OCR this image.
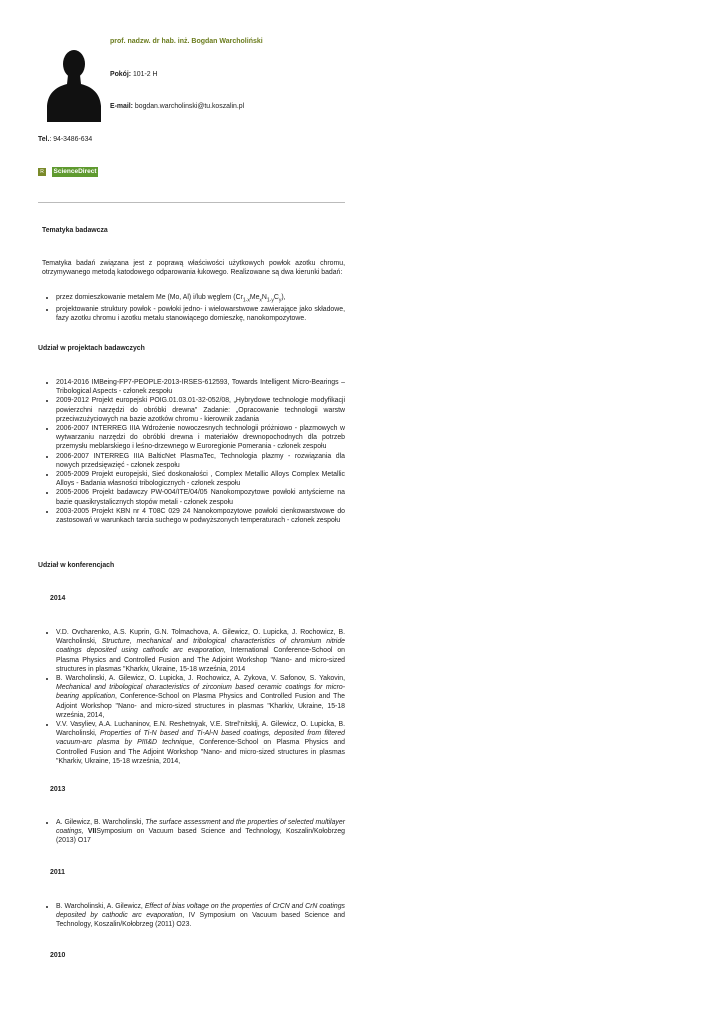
prof. nadzw. dr hab. inż. Bogdan Warcholiński
Pokój: 101-2 H
E-mail: bogdan.warcholinski@tu.koszalin.pl
Tel.: 94-3486-634
R	ScienceDirect
Tematyka badawcza
Tematyka badań związana jest z poprawą właściwości użytkowych powłok azotku chromu, otrzymywanego metodą katodowego odparowania łukowego. Realizowane są dwa kierunki badań:
• przez domieszkowanie metalem Me (Mo, Al) i/lub węglem $(Cr_{1-x}Me_xN_{1-y}C_y)$,
• projektowanie struktury powłok - powłoki jedno- i wielowarstwowe zawierające jako składowe, fazy azotku chromu i azotku metalu stanowiącego domieszkę, nanokompozytowe.
Udział w projektach badawczych
• 2014-2016 IMBeing-FP7-PEOPLE-2013-IRSES-612593, Towards Intelligent Micro-Bearings – Tribological Aspects - członek zespołu
• 2009-2012 Projekt europejski POIG.01.03.01-32-052/08, „Hybrydowe technologie modyfikacji powierzchni narzędzi do obróbki drewna" Zadanie: „Opracowanie technologii warstw przeciwzużyciowych na bazie azotków chromu - kierownik zadania
• 2006-2007 INTERREG IIIA Wdrożenie nowoczesnych technologii próżniowo - plazmowych w wytwarzaniu narzędzi do obróbki drewna i materiałów drewnopochodnych dla potrzeb przemysłu meblarskiego i leśno-drzewnego w Euroregionie Pomerania - członek zespołu
• 2006-2007 INTERREG IIIA BalticNet PlasmaTec, Technologia plazmy - rozwiązania dla nowych przedsięwzięć - członek zespołu
• 2005-2009 Projekt europejski, Sieć doskonałości , Complex Metallic Alloys Complex Metallic Alloys - Badania własności tribologicznych - członek zespołu
• 2005-2006 Projekt badawczy PW-004/ITE/04/05 Nanokompozytowe powłoki antyścierne na bazie quasikrystalicznych stopów metali - członek zespołu
• 2003-2005 Projekt KBN nr 4 T08C 029 24 Nanokompozytowe powłoki cienkowarstwowe do zastosowań w warunkach tarcia suchego w podwyższonych temperaturach - członek zespołu
Udział w konferencjach
2014
• V.D. Ovcharenko, A.S. Kuprin, G.N. Tolmachova, A. Gilewicz, O. Lupicka, J. Rochowicz, B. Warcholinski, Structure, mechanical and tribological characteristics of chromium nitride coatings deposited using cathodic arc evaporation, International Conference-School on Plasma Physics and Controlled Fusion and The Adjoint Workshop "Nano- and micro-sized structures in plasmas "Kharkiv, Ukraine, 15-18 września, 2014
• B. Warcholinski, A. Gilewicz, O. Lupicka, J. Rochowicz, A. Zykova, V. Safonov, S. Yakovin, Mechanical and tribological characteristics of zirconium based ceramic coatings for micro-bearing application, Conference-School on Plasma Physics and Controlled Fusion and The Adjoint Workshop "Nano- and micro-sized structures in plasmas "Kharkiv, Ukraine, 15-18 września, 2014,
• V.V. Vasyliev, A.A. Luchaninov, E.N. Reshetnyak, V.E. Strel’nitskij, A. Gilewicz, O. Lupicka, B. Warcholinski, Properties of Ti-N based and Ti-Al-N based coatings, deposited from filtered vacuum-arc plasma by PIII&D technique, Conference-School on Plasma Physics and Controlled Fusion and The Adjoint Workshop "Nano- and micro-sized structures in plasmas "Kharkiv, Ukraine, 15-18 września, 2014,
2013
• A. Gilewicz, B. Warcholinski, The surface assessment and the properties of selected multilayer coatings, VIISymposium on Vacuum based Science and Technology, Koszalin/Kołobrzeg (2013) O17
2011
• B. Warcholinski, A. Gilewicz, Effect of bias voltage on the properties of CrCN and CrN coatings deposited by cathodic arc evaporation, IV Symposium on Vacuum based Science and Technology, Koszalin/Kołobrzeg (2011) O23.
2010
